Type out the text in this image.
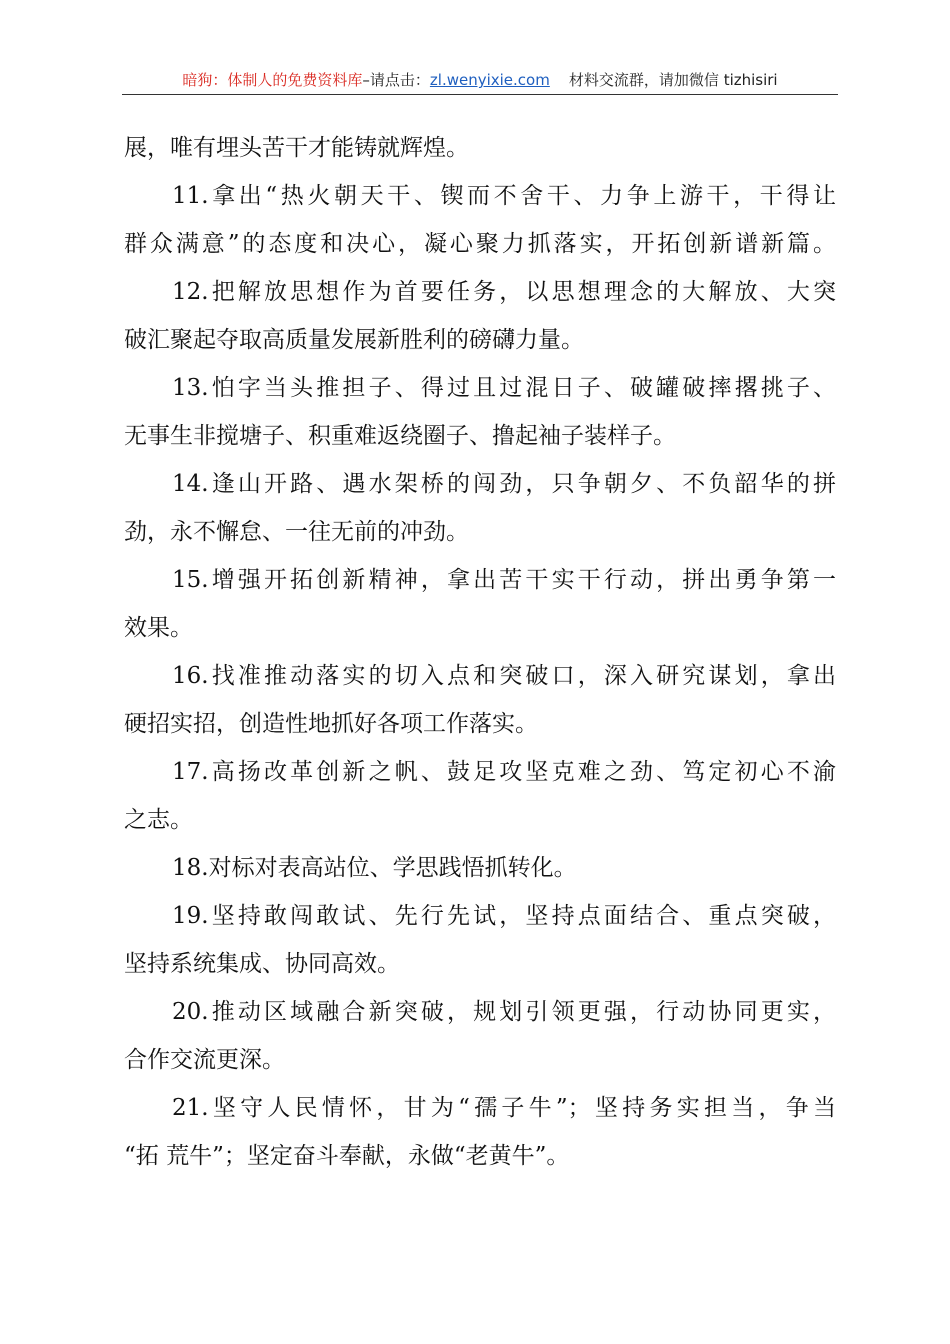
暗狗：体制人的免费资料库–请点击：zl.wenyixie.com 材料交流群，请加微信 tizhisiri
展，唯有埋头苦干才能铸就辉煌。
11.拿出“热火朝天干、锲而不舍干、力争上游干，干得让
群众满意”的态度和决心，凝心聚力抓落实，开拓创新谱新篇。
12.把解放思想作为首要任务，以思想理念的大解放、大突
破汇聚起夺取高质量发展新胜利的磅礴力量。
13.怕字当头推担子、得过且过混日子、破罐破摔撂挑子、
无事生非搅塘子、积重难返绕圈子、撸起袖子装样子。
14.逢山开路、遇水架桥的闯劲，只争朝夕、不负韶华的拼
劲，永不懈怠、一往无前的冲劲。
15.增强开拓创新精神，拿出苦干实干行动，拼出勇争第一
效果。
16.找准推动落实的切入点和突破口，深入研究谋划，拿出
硬招实招，创造性地抓好各项工作落实。
17.高扬改革创新之帆、鼓足攻坚克难之劲、笃定初心不渝
之志。
18.对标对表高站位、学思践悟抓转化。
19.坚持敢闯敢试、先行先试，坚持点面结合、重点突破，
坚持系统集成、协同高效。
20.推动区域融合新突破，规划引领更强，行动协同更实，
合作交流更深。
21.坚守人民情怀，甘为“孺子牛”；坚持务实担当，争当
“拓 荒牛”；坚定奋斗奉献，永做“老黄牛”。
